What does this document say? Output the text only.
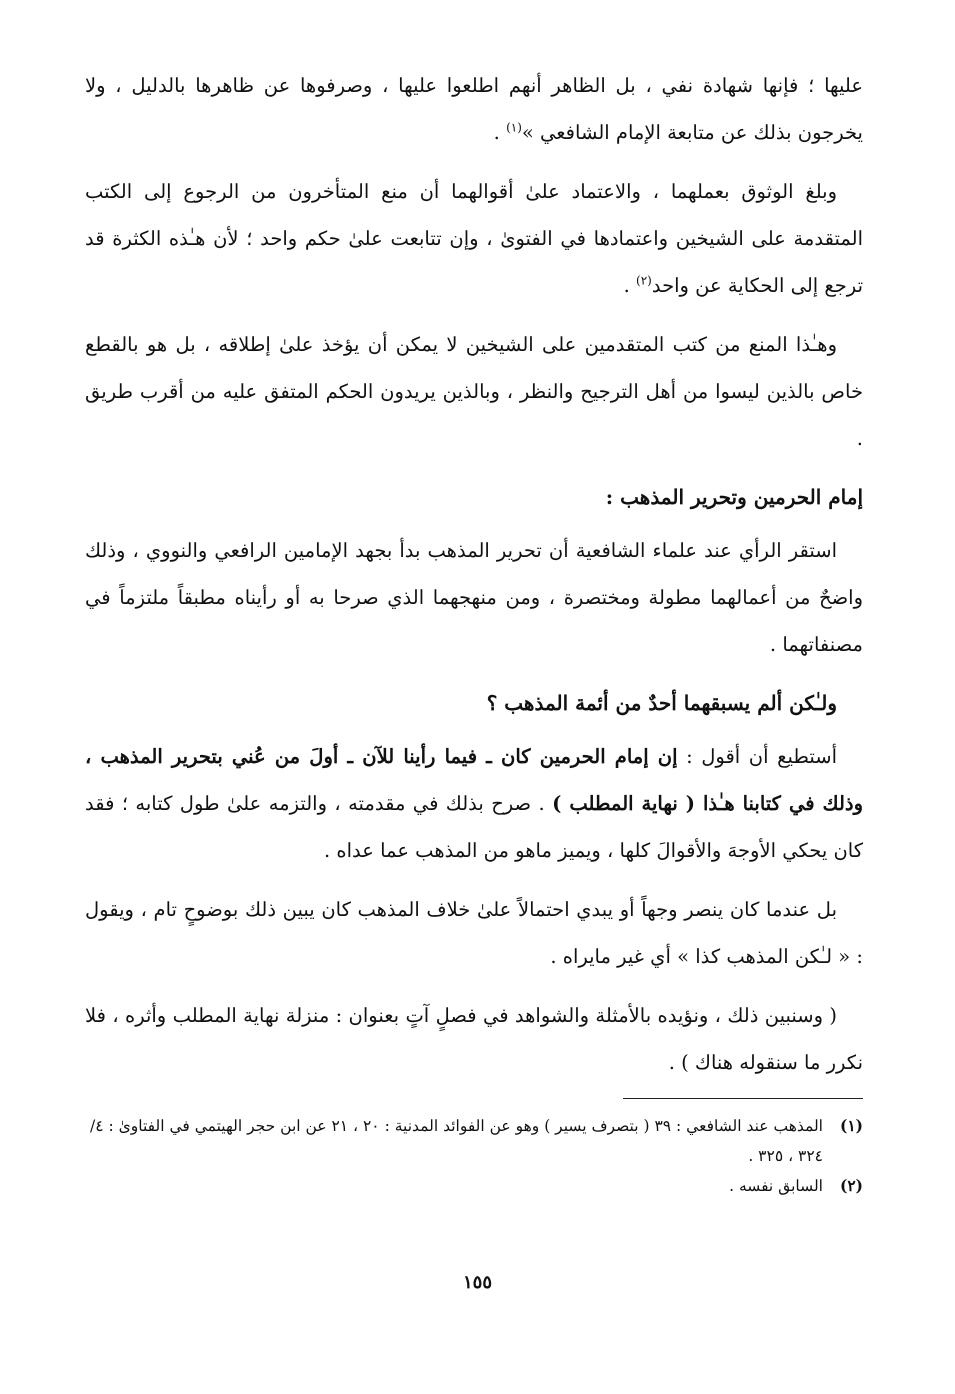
عليها ؛ فإنها شهادة نفي ، بل الظاهر أنهم اطلعوا عليها ، وصرفوها عن ظاهرها بالدليل ، ولا يخرجون بذلك عن متابعة الإمام الشافعي »$^{(١)}$ .

وبلغ الوثوق بعملهما ، والاعتماد علىٰ أقوالهما أن منع المتأخرون من الرجوع إلى الكتب المتقدمة على الشيخين واعتمادها في الفتوىٰ ، وإن تتابعت علىٰ حكم واحد ؛ لأن هـٰذه الكثرة قد ترجع إلى الحكاية عن واحد$^{(٢)}$ .

وهـٰذا المنع من كتب المتقدمين على الشيخين لا يمكن أن يؤخذ علىٰ إطلاقه ، بل هو بالقطع خاص بالذين ليسوا من أهل الترجيح والنظر ، وبالذين يريدون الحكم المتفق عليه من أقرب طريق .

إمام الحرمين وتحرير المذهب :

استقر الرأي عند علماء الشافعية أن تحرير المذهب بدأ بجهد الإمامين الرافعي والنووي ، وذلك واضحٌ من أعمالهما مطولة ومختصرة ، ومن منهجهما الذي صرحا به أو رأيناه مطبقاً ملتزماً في مصنفاتهما .

ولـٰكن ألم يسبقهما أحدٌ من أئمة المذهب ؟

أستطيع أن أقول : إن إمام الحرمين كان ـ فيما رأينا للآن ـ أولَ من عُني بتحرير المذهب ، وذلك في كتابنا هـٰذا ( نهاية المطلب ) . صرح بذلك في مقدمته ، والتزمه علىٰ طول كتابه ؛ فقد كان يحكي الأوجهَ والأقوالَ كلها ، ويميز ماهو من المذهب عما عداه .

بل عندما كان ينصر وجهاً أو يبدي احتمالاً علىٰ خلاف المذهب كان يبين ذلك بوضوحٍ تام ، ويقول : « لـٰكن المذهب كذا » أي غير مايراه .

( وسنبين ذلك ، ونؤيده بالأمثلة والشواهد في فصلٍ آتٍ بعنوان : منزلة نهاية المطلب وأثره ، فلا نكرر ما سنقوله هناك ) .

(١)
المذهب عند الشافعي : ٣٩ ( بتصرف يسير ) وهو عن الفوائد المدنية : ٢٠ ، ٢١ عن ابن حجر الهيتمي في الفتاوىٰ : ٤/ ٣٢٤ ، ٣٢٥ .
(٢)
السابق نفسه .
١٥٥
